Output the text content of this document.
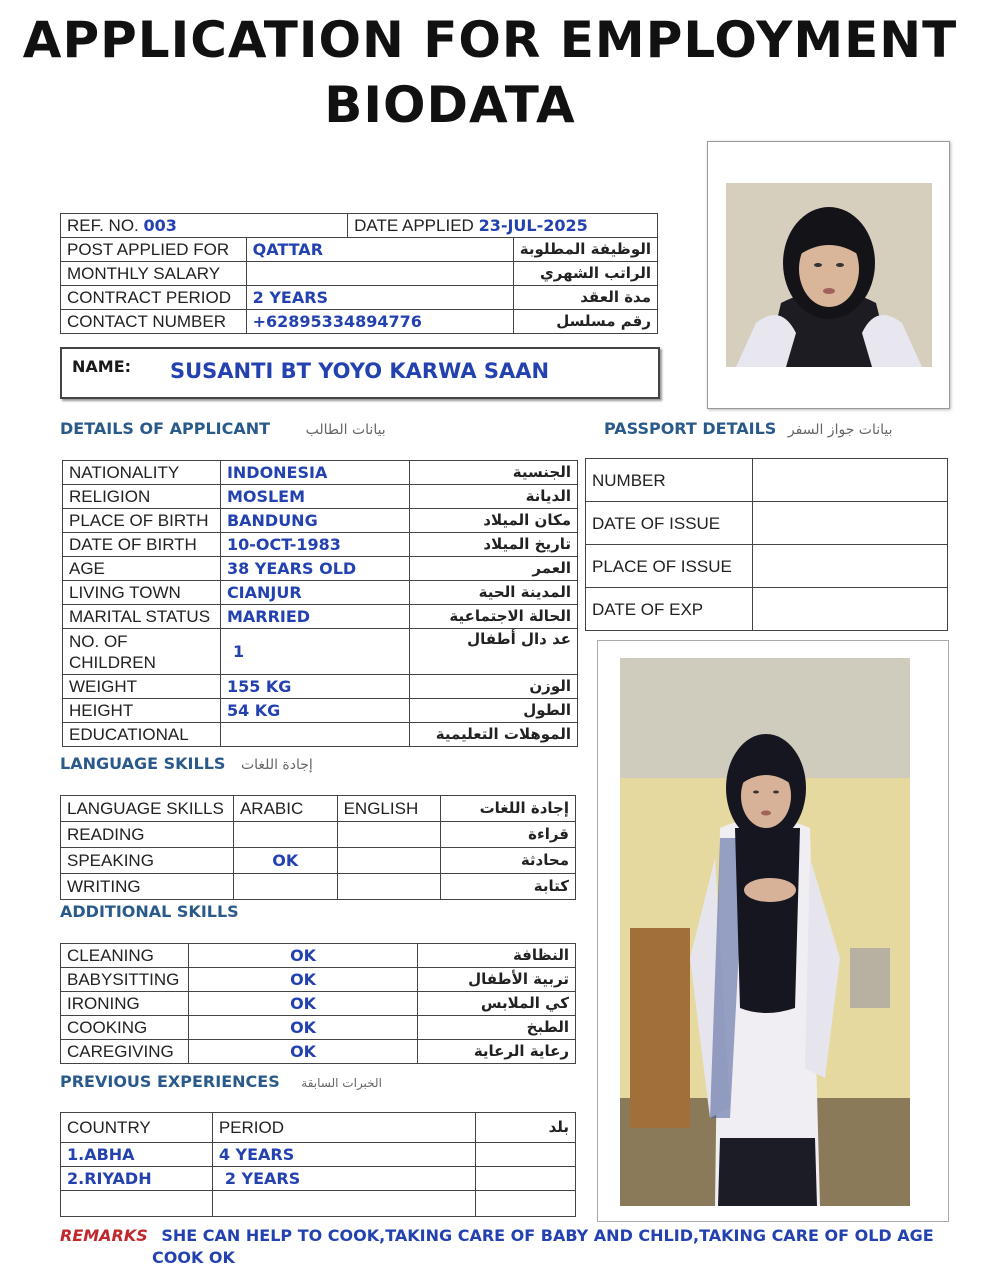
APPLICATION FOR EMPLOYMENT
BIODATA
REF. NO. 003		DATE APPLIED 23-JUL-2025	
POST APPLIED FOR	QATTAR		الوظيفة المطلوبة
MONTHLY SALARY			الراتب الشهري
CONTRACT PERIOD	2 YEARS		مدة العقد
CONTACT NUMBER	+62895334894776		رقم مسلسل
NAME: SUSANTI BT YOYO KARWA SAAN
DETAILS OF APPLICANT	بيانات الطالب	PASSPORT DETAILS بيانات جواز السفر
NATIONALITY	INDONESIA	الجنسية
RELIGION	MOSLEM	الديانة
PLACE OF BIRTH	BANDUNG	مكان الميلاد
DATE OF BIRTH	10-OCT-1983	تاريخ الميلاد
AGE	38 YEARS OLD	العمر
LIVING TOWN	CIANJUR	المدينة الحية
MARITAL STATUS	MARRIED	الحالة الاجتماعية
NO. OF CHILDREN	1	عد دال أطفال
WEIGHT	155 KG	الوزن
HEIGHT	54 KG	الطول
EDUCATIONAL		الموهلات التعليمية
NUMBER	
DATE OF ISSUE	
PLACE OF ISSUE	
DATE OF EXP	
LANGUAGE SKILLS إجادة اللغات
LANGUAGE SKILLS	ARABIC	ENGLISH	إجادة اللغات
READING			قراءة
SPEAKING	OK		محادثة
WRITING			كتابة
ADDITIONAL SKILLS
CLEANING	OK	النظافة
BABYSITTING	OK	تربية الأطفال
IRONING	OK	كي الملابس
COOKING	OK	الطبخ
CAREGIVING	OK	رعاية الرعاية
PREVIOUS EXPERIENCES الخبرات السابقة
COUNTRY	PERIOD	بلد
1.ABHA	4 YEARS	
2.RIYADH	2 YEARS	

REMARKS SHE CAN HELP TO COOK,TAKING CARE OF BABY AND CHLID,TAKING CARE OF OLD AGE
COOK OK
